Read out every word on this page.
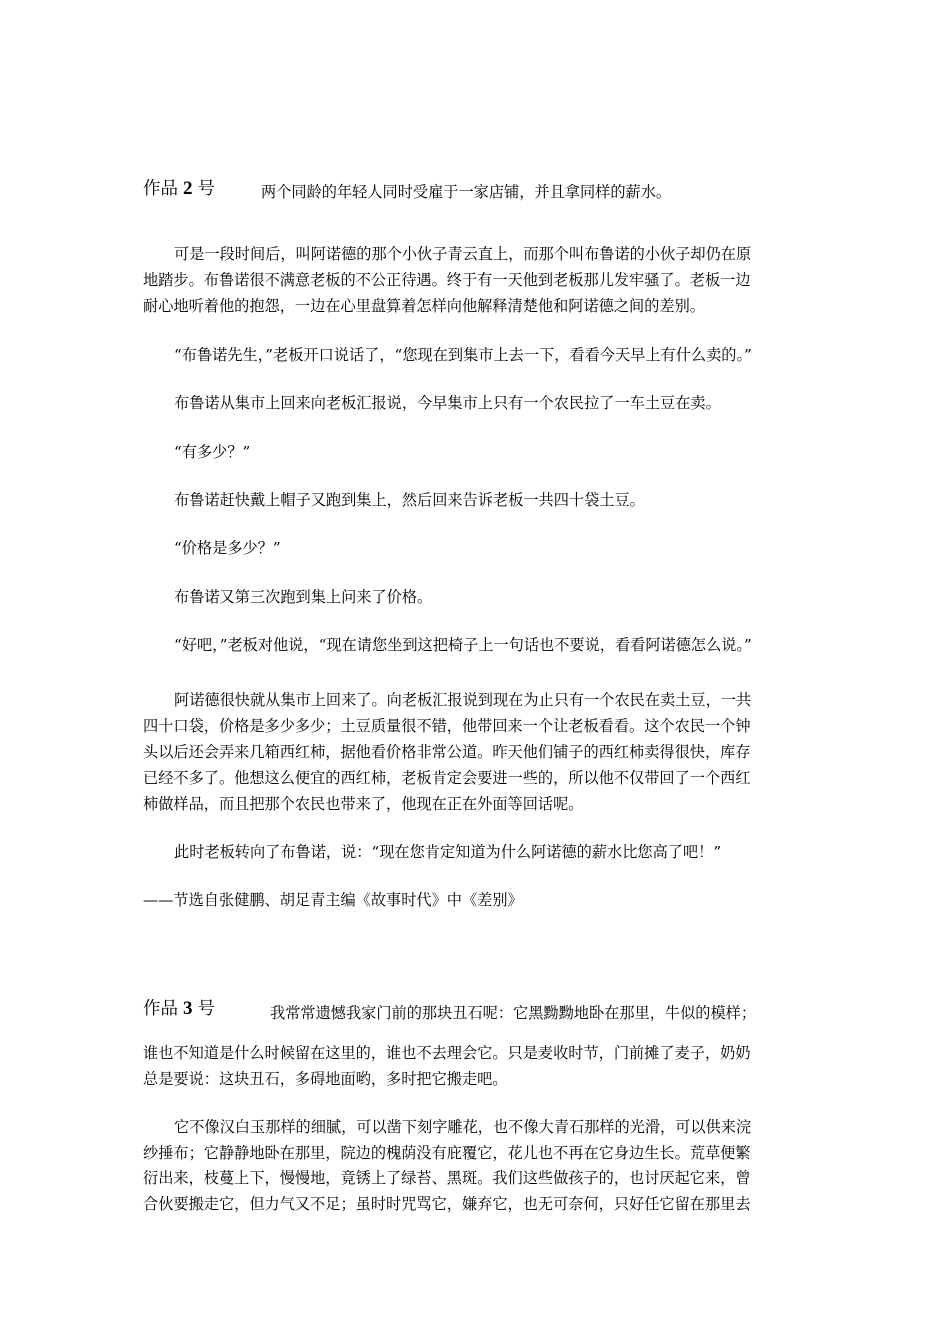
作品 2 号	两个同龄的年轻人同时受雇于一家店铺，并且拿同样的薪水。
可是一段时间后，叫阿诺德的那个小伙子青云直上，而那个叫布鲁诺的小伙子却仍在原
地踏步。布鲁诺很不满意老板的不公正待遇。终于有一天他到老板那儿发牢骚了。老板一边
耐心地听着他的抱怨，一边在心里盘算着怎样向他解释清楚他和阿诺德之间的差别。
“布鲁诺先生，”老板开口说话了，“您现在到集市上去一下，看看今天早上有什么卖的。”
布鲁诺从集市上回来向老板汇报说，今早集市上只有一个农民拉了一车土豆在卖。
“有多少？”
布鲁诺赶快戴上帽子又跑到集上，然后回来告诉老板一共四十袋土豆。
“价格是多少？”
布鲁诺又第三次跑到集上问来了价格。
“好吧，”老板对他说，“现在请您坐到这把椅子上一句话也不要说，看看阿诺德怎么说。”
阿诺德很快就从集市上回来了。向老板汇报说到现在为止只有一个农民在卖土豆，一共
四十口袋，价格是多少多少；土豆质量很不错，他带回来一个让老板看看。这个农民一个钟
头以后还会弄来几箱西红柿，据他看价格非常公道。昨天他们铺子的西红柿卖得很快，库存
已经不多了。他想这么便宜的西红柿，老板肯定会要进一些的，所以他不仅带回了一个西红
柿做样品，而且把那个农民也带来了，他现在正在外面等回话呢。
此时老板转向了布鲁诺，说：“现在您肯定知道为什么阿诺德的薪水比您高了吧！”
——节选自张健鹏、胡足青主编《故事时代》中《差别》
作品 3 号	我常常遗憾我家门前的那块丑石呢：它黑黝黝地卧在那里，牛似的模样；
谁也不知道是什么时候留在这里的，谁也不去理会它。只是麦收时节，门前摊了麦子，奶奶
总是要说：这块丑石，多碍地面哟，多时把它搬走吧。
它不像汉白玉那样的细腻，可以凿下刻字雕花，也不像大青石那样的光滑，可以供来浣
纱捶布；它静静地卧在那里，院边的槐荫没有庇覆它，花儿也不再在它身边生长。荒草便繁
衍出来，枝蔓上下，慢慢地，竟锈上了绿苔、黑斑。我们这些做孩子的，也讨厌起它来，曾
合伙要搬走它，但力气又不足；虽时时咒骂它，嫌弃它，也无可奈何，只好任它留在那里去
